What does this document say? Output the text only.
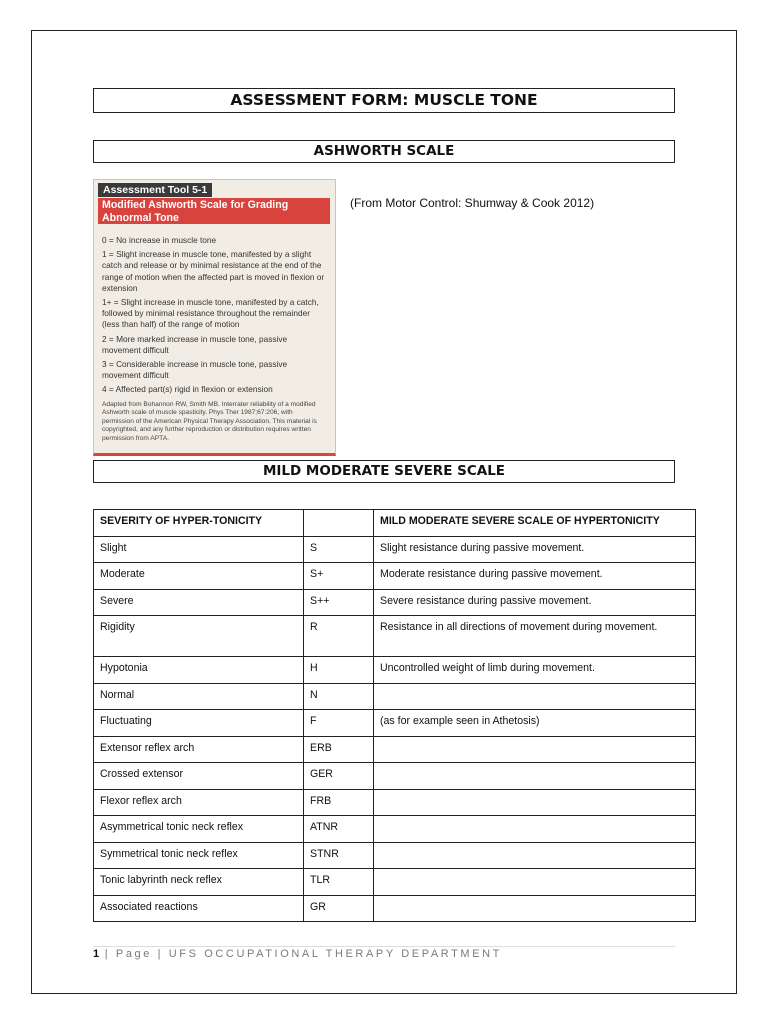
ASSESSMENT FORM: MUSCLE TONE
ASHWORTH SCALE
Assessment Tool 5-1
Modified Ashworth Scale for Grading Abnormal Tone

0 = No increase in muscle tone

1 = Slight increase in muscle tone, manifested by a slight catch and release or by minimal resistance at the end of the range of motion when the affected part is moved in flexion or extension

1+ = Slight increase in muscle tone, manifested by a catch, followed by minimal resistance throughout the remainder (less than half) of the range of motion

2 = More marked increase in muscle tone, passive movement difficult

3 = Considerable increase in muscle tone, passive movement difficult

4 = Affected part(s) rigid in flexion or extension

Adapted from Bohannon RW, Smith MB. Interrater reliability of a modified Ashworth scale of muscle spasticity. Phys Ther 1987;67:206, with permission of the American Physical Therapy Association. This material is copyrighted, and any further reproduction or distribution requires written permission from APTA.

(From Motor Control: Shumway & Cook 2012)
MILD MODERATE SEVERE SCALE
SEVERITY OF HYPER-TONICITY		MILD MODERATE SEVERE SCALE OF HYPERTONICITY
Slight	S	Slight resistance during passive movement.
Moderate	S+	Moderate resistance during passive movement.
Severe	S++	Severe resistance during passive movement.
Rigidity	R	Resistance in all directions of movement during movement.
Hypotonia	H	Uncontrolled weight of limb during movement.
Normal	N	
Fluctuating	F	(as for example seen in Athetosis)
Extensor reflex arch	ERB	
Crossed extensor	GER	
Flexor reflex arch	FRB	
Asymmetrical tonic neck reflex	ATNR	
Symmetrical tonic neck reflex	STNR	
Tonic labyrinth neck reflex	TLR	
Associated reactions	GR	
1 | Page | UFS OCCUPATIONAL THERAPY DEPARTMENT
